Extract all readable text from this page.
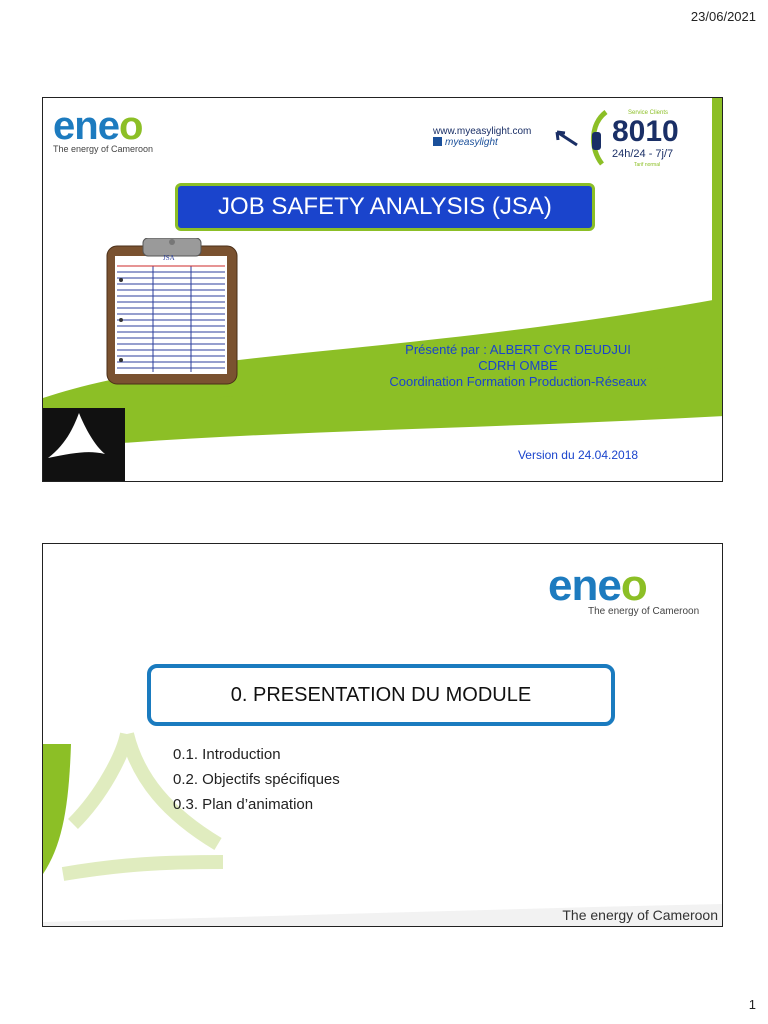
23/06/2021
eneo
The energy of Cameroon
www.myeasylight.com
myeasylight
Service Clients
8010
24h/24 - 7j/7
Tarif normal
JOB SAFETY ANALYSIS (JSA)
JSA
Présenté par : ALBERT CYR DEUDJUI
CDRH OMBE
Coordination Formation Production-Réseaux
Version du 24.04.2018
eneo
The energy of Cameroon
0. PRESENTATION DU MODULE
0.1. Introduction
0.2. Objectifs spécifiques
0.3. Plan d’animation
The energy of Cameroon
1
